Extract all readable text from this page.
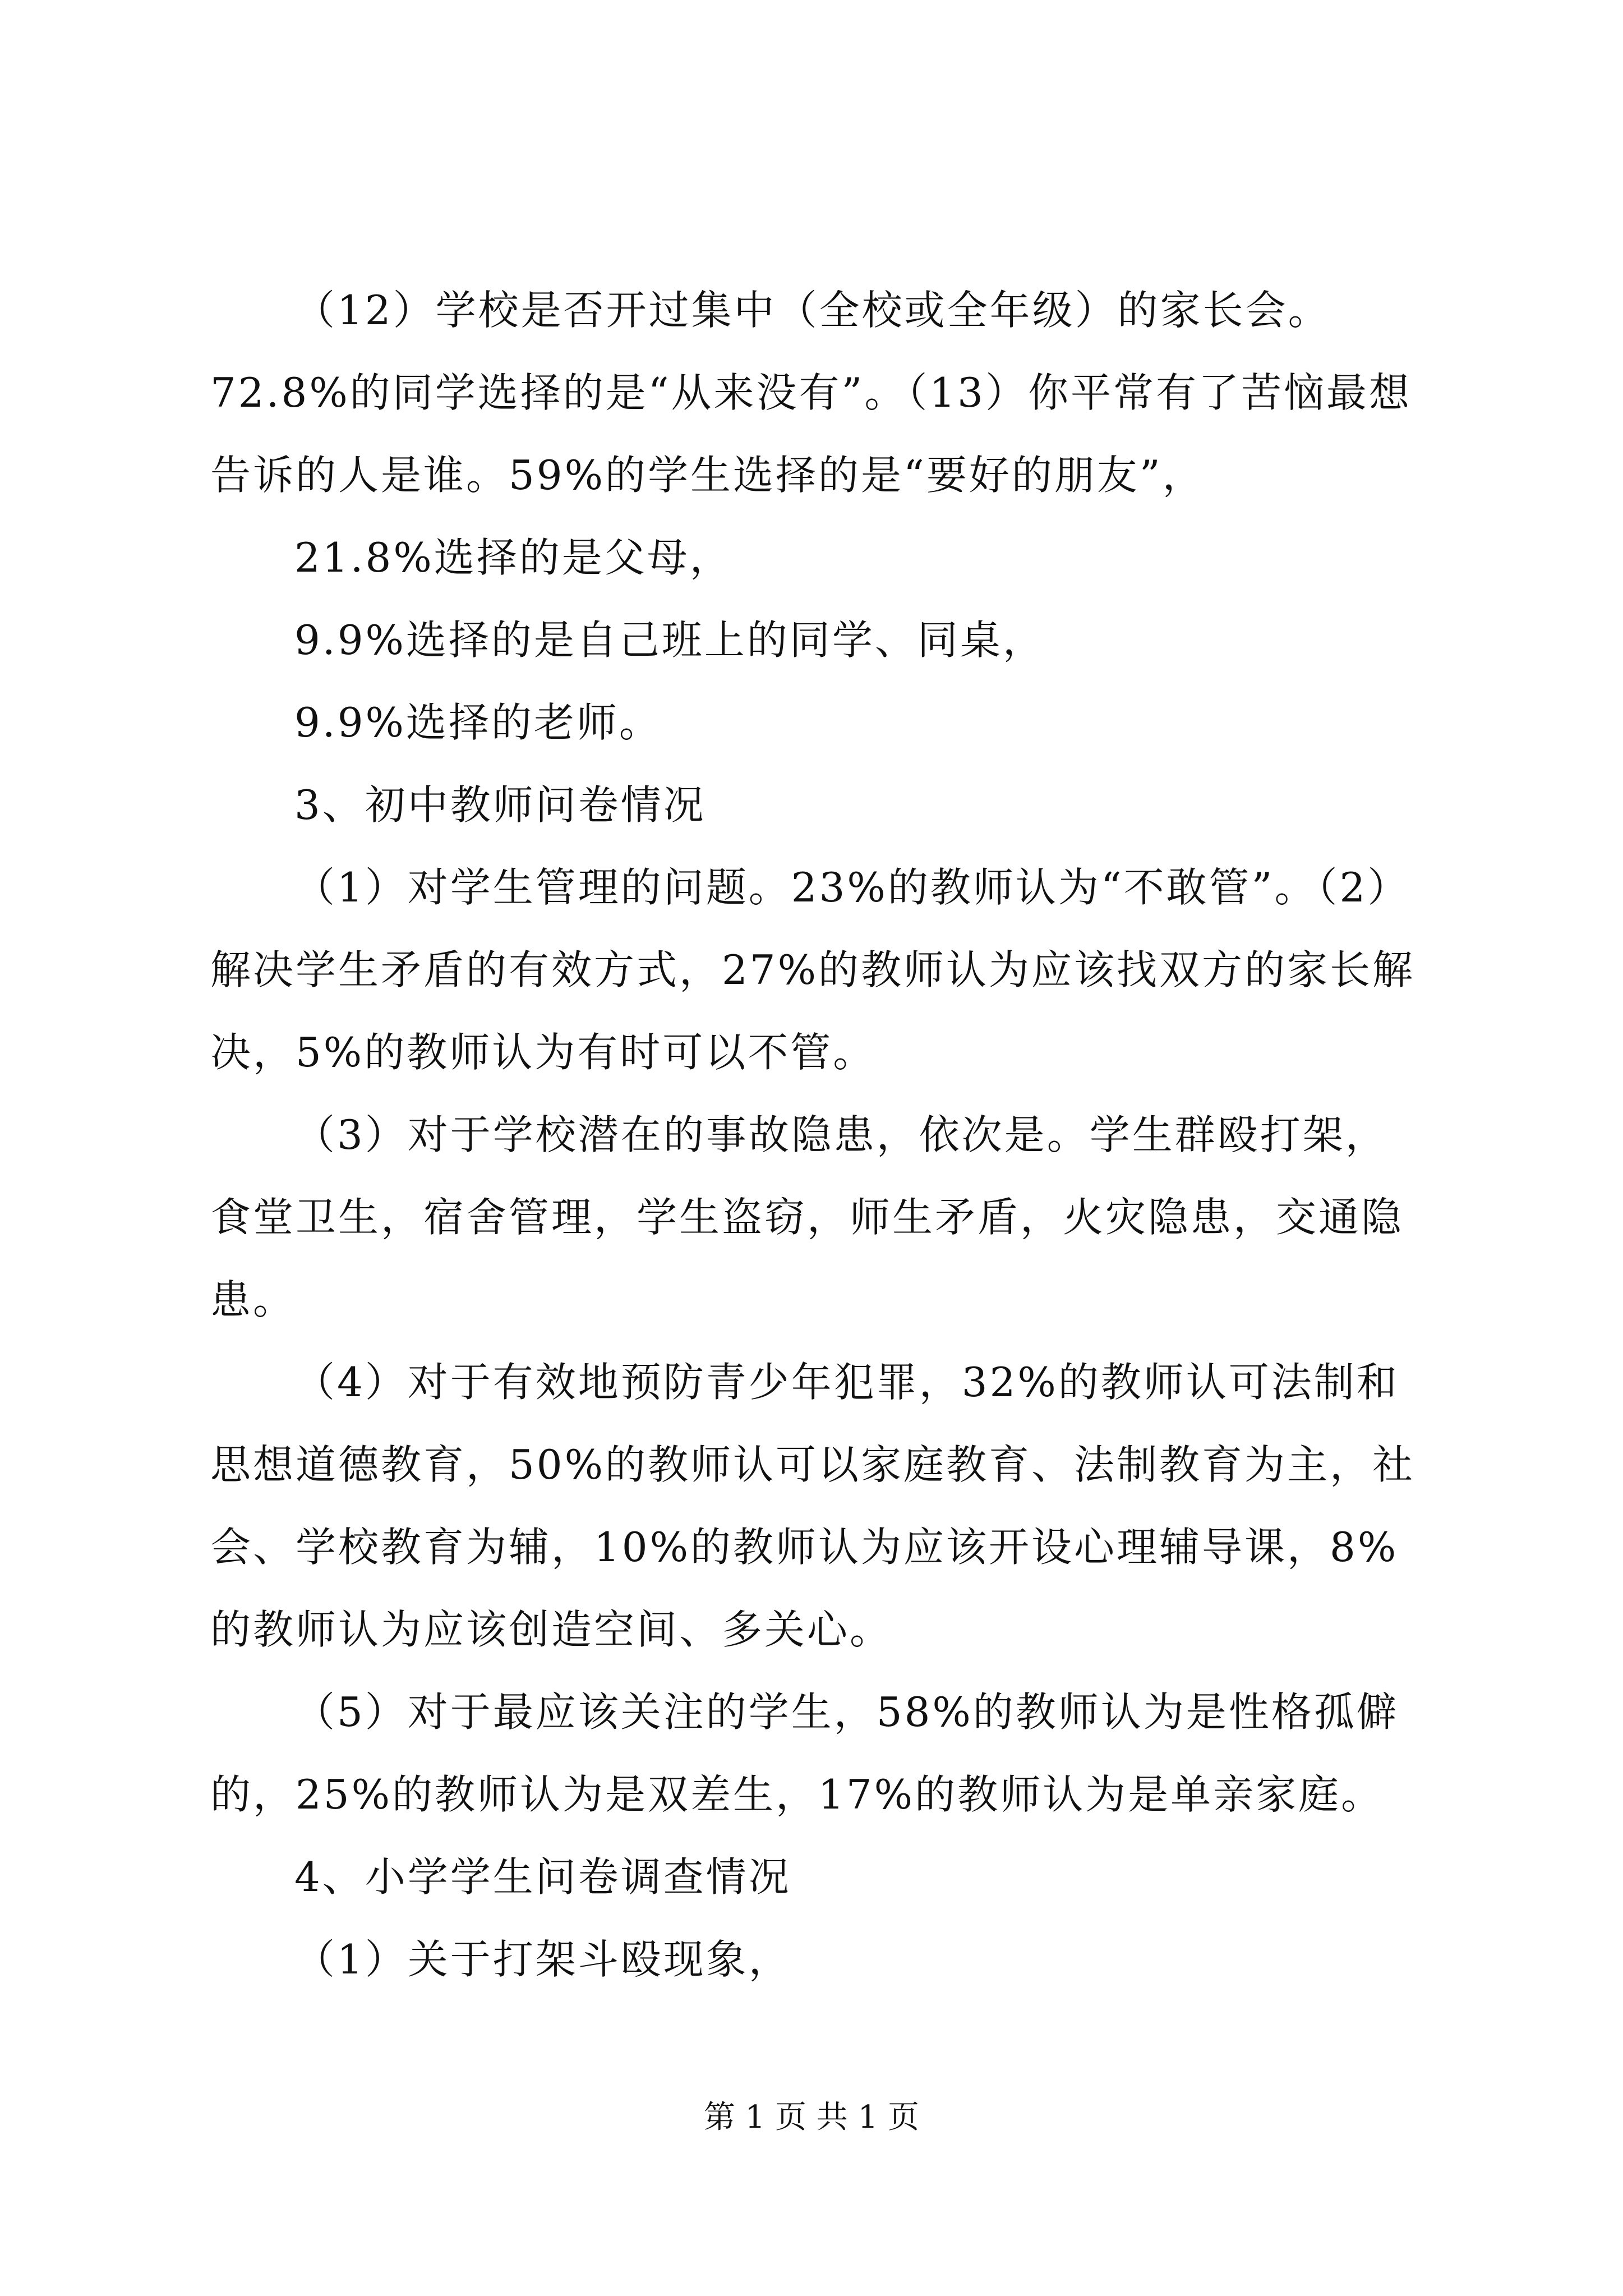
（12）学校是否开过集中（全校或全年级）的家长会。72.8%的同学选择的是“从来没有”。（13）你平常有了苦恼最想告诉的人是谁。59%的学生选择的是“要好的朋友”，

21.8%选择的是父母，

9.9%选择的是自己班上的同学、同桌，

9.9%选择的老师。

3、初中教师问卷情况

（1）对学生管理的问题。23%的教师认为“不敢管”。（2）解决学生矛盾的有效方式，27%的教师认为应该找双方的家长解决，5%的教师认为有时可以不管。

（3）对于学校潜在的事故隐患，依次是。学生群殴打架，食堂卫生，宿舍管理，学生盗窃，师生矛盾，火灾隐患，交通隐患。

（4）对于有效地预防青少年犯罪，32%的教师认可法制和思想道德教育，50%的教师认可以家庭教育、法制教育为主，社会、学校教育为辅，10%的教师认为应该开设心理辅导课，8%的教师认为应该创造空间、多关心。

（5）对于最应该关注的学生，58%的教师认为是性格孤僻的，25%的教师认为是双差生，17%的教师认为是单亲家庭。

4、小学学生问卷调查情况

（1）关于打架斗殴现象，

第 1 页 共 1 页
